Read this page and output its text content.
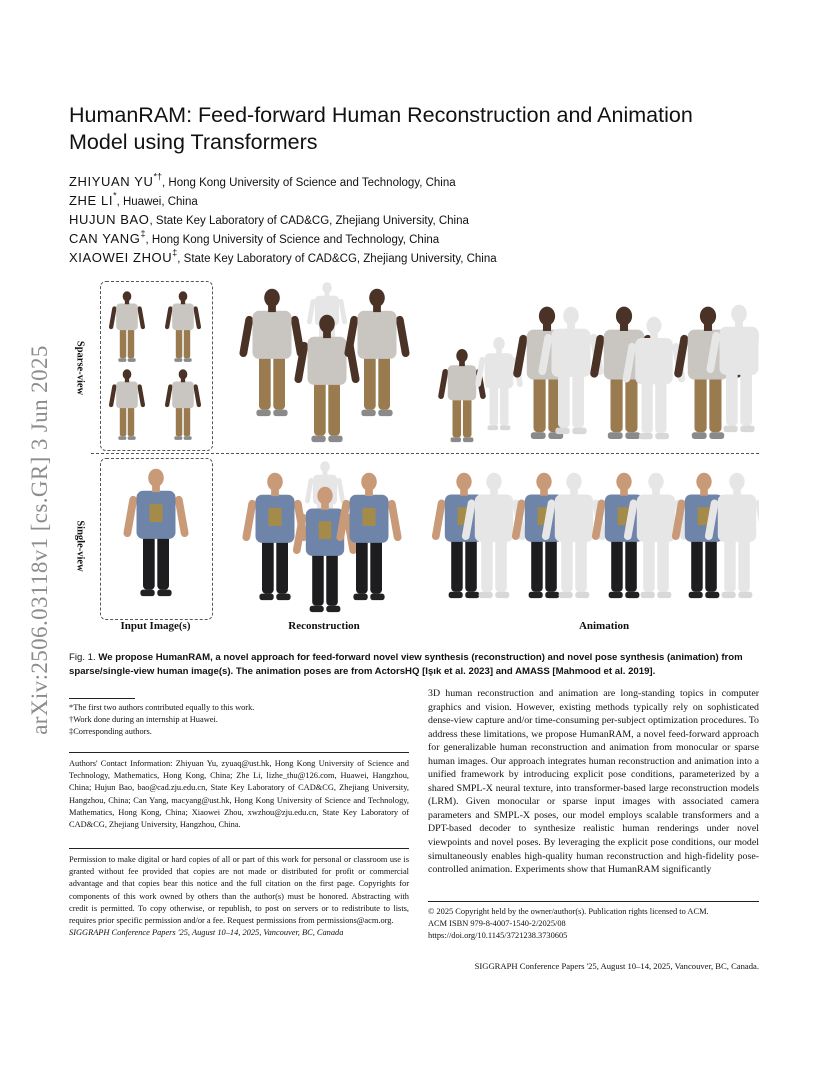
arXiv:2506.03118v1 [cs.GR] 3 Jun 2025
HumanRAM: Feed-forward Human Reconstruction and Animation
Model using Transformers
ZHIYUAN YU*†, Hong Kong University of Science and Technology, China
ZHE LI*, Huawei, China
HUJUN BAO, State Key Laboratory of CAD&CG, Zhejiang University, China
CAN YANG‡, Hong Kong University of Science and Technology, China
XIAOWEI ZHOU‡, State Key Laboratory of CAD&CG, Zhejiang University, China
Sparse-view
Single-view
Input Image(s)	Reconstruction	Animation
Fig. 1. We propose HumanRAM, a novel approach for feed-forward novel view synthesis (reconstruction) and novel pose synthesis (animation) from sparse/single-view human image(s). The animation poses are from ActorsHQ [Işık et al. 2023] and AMASS [Mahmood et al. 2019].
*The first two authors contributed equally to this work.
†Work done during an internship at Huawei.
‡Corresponding authors.
Authors' Contact Information: Zhiyuan Yu, zyuaq@ust.hk, Hong Kong University of Science and Technology, Mathematics, Hong Kong, China; Zhe Li, lizhe_thu@126.com, Huawei, Hangzhou, China; Hujun Bao, bao@cad.zju.edu.cn, State Key Laboratory of CAD&CG, Zhejiang University, Hangzhou, China; Can Yang, macyang@ust.hk, Hong Kong University of Science and Technology, Mathematics, Hong Kong, China; Xiaowei Zhou, xwzhou@zju.edu.cn, State Key Laboratory of CAD&CG, Zhejiang University, Hangzhou, China.
Permission to make digital or hard copies of all or part of this work for personal or classroom use is granted without fee provided that copies are not made or distributed for profit or commercial advantage and that copies bear this notice and the full citation on the first page. Copyrights for components of this work owned by others than the author(s) must be honored. Abstracting with credit is permitted. To copy otherwise, or republish, to post on servers or to redistribute to lists, requires prior specific permission and/or a fee. Request permissions from permissions@acm.org.
SIGGRAPH Conference Papers '25, August 10–14, 2025, Vancouver, BC, Canada
3D human reconstruction and animation are long-standing topics in computer graphics and vision. However, existing methods typically rely on sophisticated dense-view capture and/or time-consuming per-subject optimization procedures. To address these limitations, we propose HumanRAM, a novel feed-forward approach for generalizable human reconstruction and animation from monocular or sparse human images. Our approach integrates human reconstruction and animation into a unified framework by introducing explicit pose conditions, parameterized by a shared SMPL-X neural texture, into transformer-based large reconstruction models (LRM). Given monocular or sparse input images with associated camera parameters and SMPL-X poses, our model employs scalable transformers and a DPT-based decoder to synthesize realistic human renderings under novel viewpoints and novel poses. By leveraging the explicit pose conditions, our model simultaneously enables high-quality human reconstruction and high-fidelity pose-controlled animation. Experiments show that HumanRAM significantly
© 2025 Copyright held by the owner/author(s). Publication rights licensed to ACM.
ACM ISBN 979-8-4007-1540-2/2025/08
https://doi.org/10.1145/3721238.3730605
SIGGRAPH Conference Papers '25, August 10–14, 2025, Vancouver, BC, Canada.
